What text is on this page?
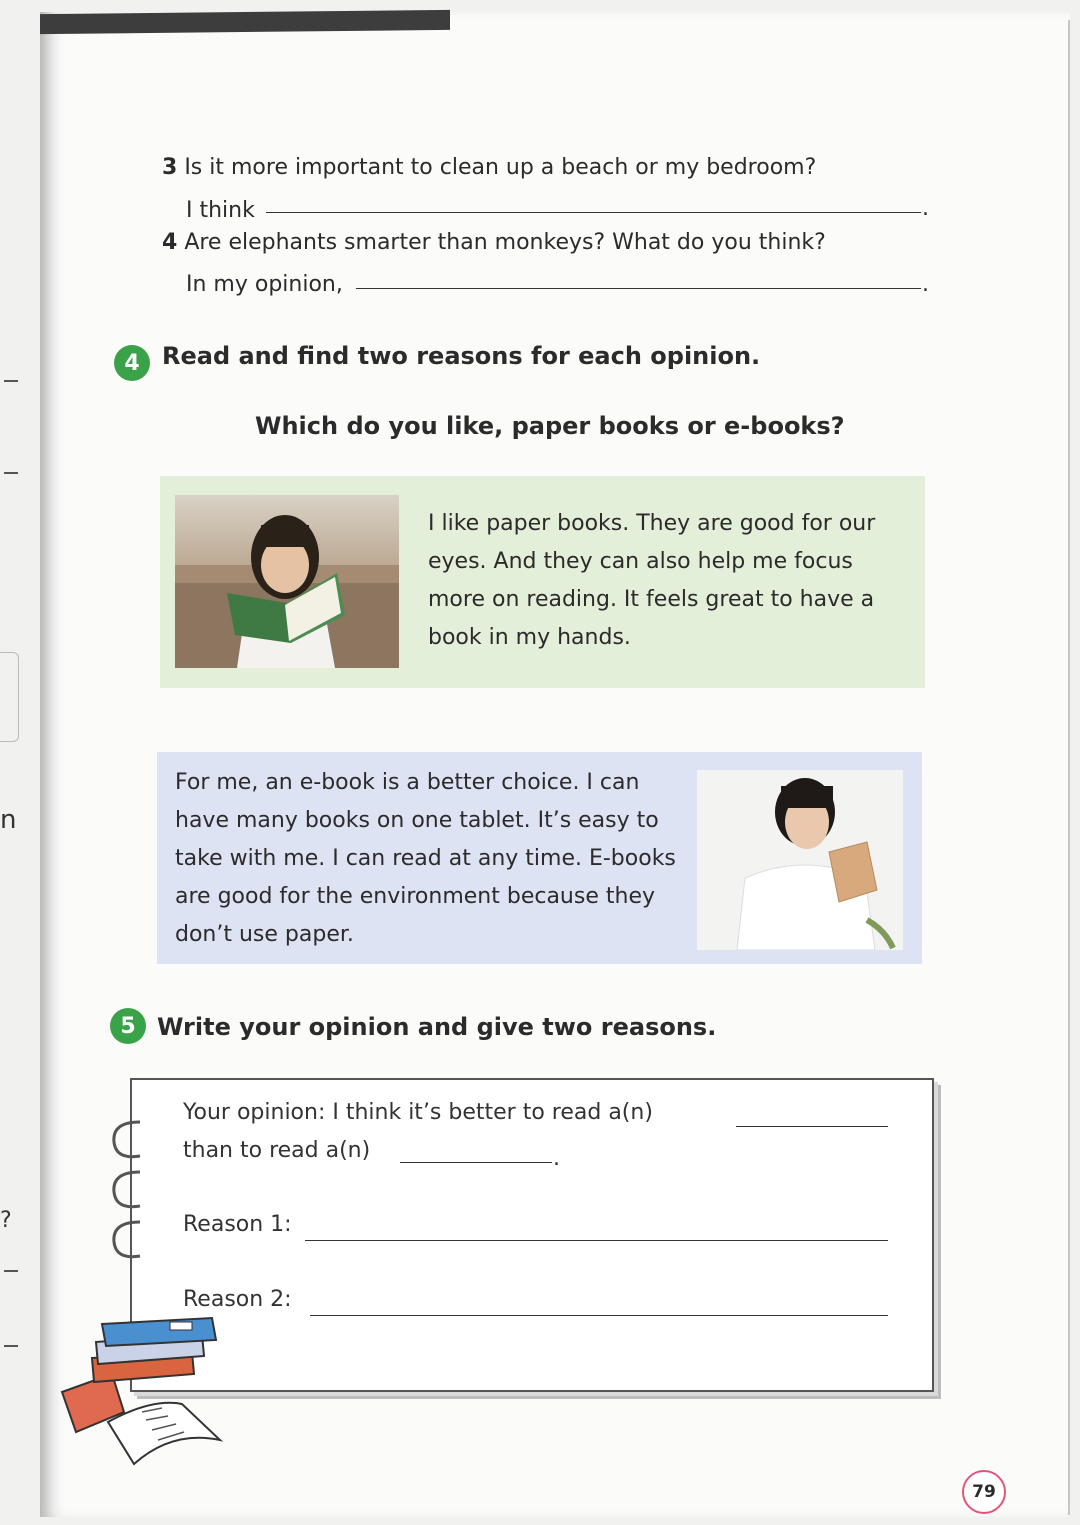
n
?
3 Is it more important to clean up a beach or my bedroom?
I think	.
4 Are elephants smarter than monkeys? What do you think?
In my opinion,	.
4 Read and find two reasons for each opinion.
Which do you like, paper books or e-books?
I like paper books. They are good for our eyes. And they can also help me focus more on reading. It feels great to have a book in my hands.
For me, an e-book is a better choice. I can have many books on one tablet. It’s easy to take with me. I can read at any time. E-books are good for the environment because they don’t use paper.
5 Write your opinion and give two reasons.
Your opinion: I think it’s better to read a(n)
than to read a(n)	.
Reason 1:
Reason 2:
79
